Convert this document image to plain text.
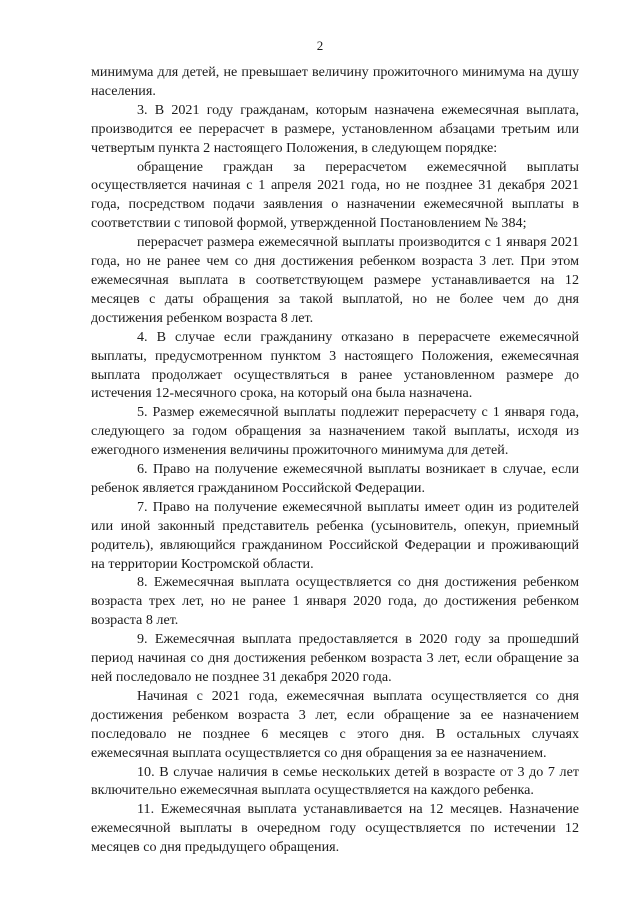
2

минимума для детей, не превышает величину прожиточного минимума на душу населения.

3. В 2021 году гражданам, которым назначена ежемесячная выплата, производится ее перерасчет в размере, установленном абзацами третьим или четвертым пункта 2 настоящего Положения, в следующем порядке:

обращение граждан за перерасчетом ежемесячной выплаты осуществляется начиная с 1 апреля 2021 года, но не позднее 31 декабря 2021 года, посредством подачи заявления о назначении ежемесячной выплаты в соответствии с типовой формой, утвержденной Постановлением № 384;

перерасчет размера ежемесячной выплаты производится с 1 января 2021 года, но не ранее чем со дня достижения ребенком возраста 3 лет. При этом ежемесячная выплата в соответствующем размере устанавливается на 12 месяцев с даты обращения за такой выплатой, но не более чем до дня достижения ребенком возраста 8 лет.

4. В случае если гражданину отказано в перерасчете ежемесячной выплаты, предусмотренном пунктом 3 настоящего Положения, ежемесячная выплата продолжает осуществляться в ранее установленном размере до истечения 12-месячного срока, на который она была назначена.

5. Размер ежемесячной выплаты подлежит перерасчету с 1 января года, следующего за годом обращения за назначением такой выплаты, исходя из ежегодного изменения величины прожиточного минимума для детей.

6. Право на получение ежемесячной выплаты возникает в случае, если ребенок является гражданином Российской Федерации.

7. Право на получение ежемесячной выплаты имеет один из родителей или иной законный представитель ребенка (усыновитель, опекун, приемный родитель), являющийся гражданином Российской Федерации и проживающий на территории Костромской области.

8. Ежемесячная выплата осуществляется со дня достижения ребенком возраста трех лет, но не ранее 1 января 2020 года, до достижения ребенком возраста 8 лет.

9. Ежемесячная выплата предоставляется в 2020 году за прошедший период начиная со дня достижения ребенком возраста 3 лет, если обращение за ней последовало не позднее 31 декабря 2020 года.

Начиная с 2021 года, ежемесячная выплата осуществляется со дня достижения ребенком возраста 3 лет, если обращение за ее назначением последовало не позднее 6 месяцев с этого дня. В остальных случаях ежемесячная выплата осуществляется со дня обращения за ее назначением.

10. В случае наличия в семье нескольких детей в возрасте от 3 до 7 лет включительно ежемесячная выплата осуществляется на каждого ребенка.

11. Ежемесячная выплата устанавливается на 12 месяцев. Назначение ежемесячной выплаты в очередном году осуществляется по истечении 12 месяцев со дня предыдущего обращения.
